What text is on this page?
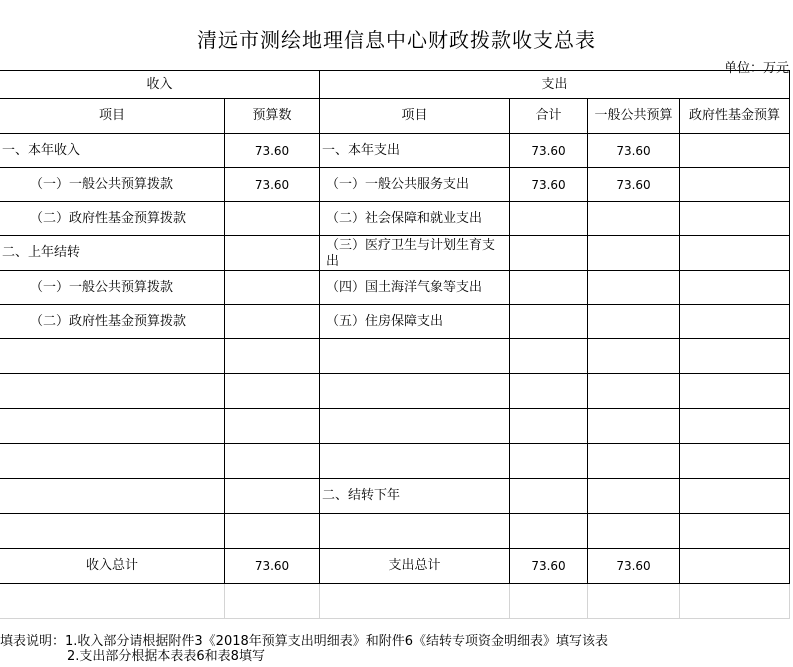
清远市测绘地理信息中心财政拨款收支总表
单位：万元
收入		支出			
项目	预算数	项目	合计	一般公共预算	政府性基金预算
一、本年收入	73.60	一、本年支出	73.60	73.60	
（一）一般公共预算拨款	73.60	（一）一般公共服务支出	73.60	73.60	
（二）政府性基金预算拨款		（二）社会保障和就业支出			
二、上年结转		（三）医疗卫生与计划生育支出			
（一）一般公共预算拨款		（四）国土海洋气象等支出			
（二）政府性基金预算拨款		（五）住房保障支出			

		二、结转下年			

收入总计	73.60	支出总计	73.60	73.60	

填表说明：1.收入部分请根据附件3《2018年预算支出明细表》和附件6《结转专项资金明细表》填写该表
2.支出部分根据本表表6和表8填写
